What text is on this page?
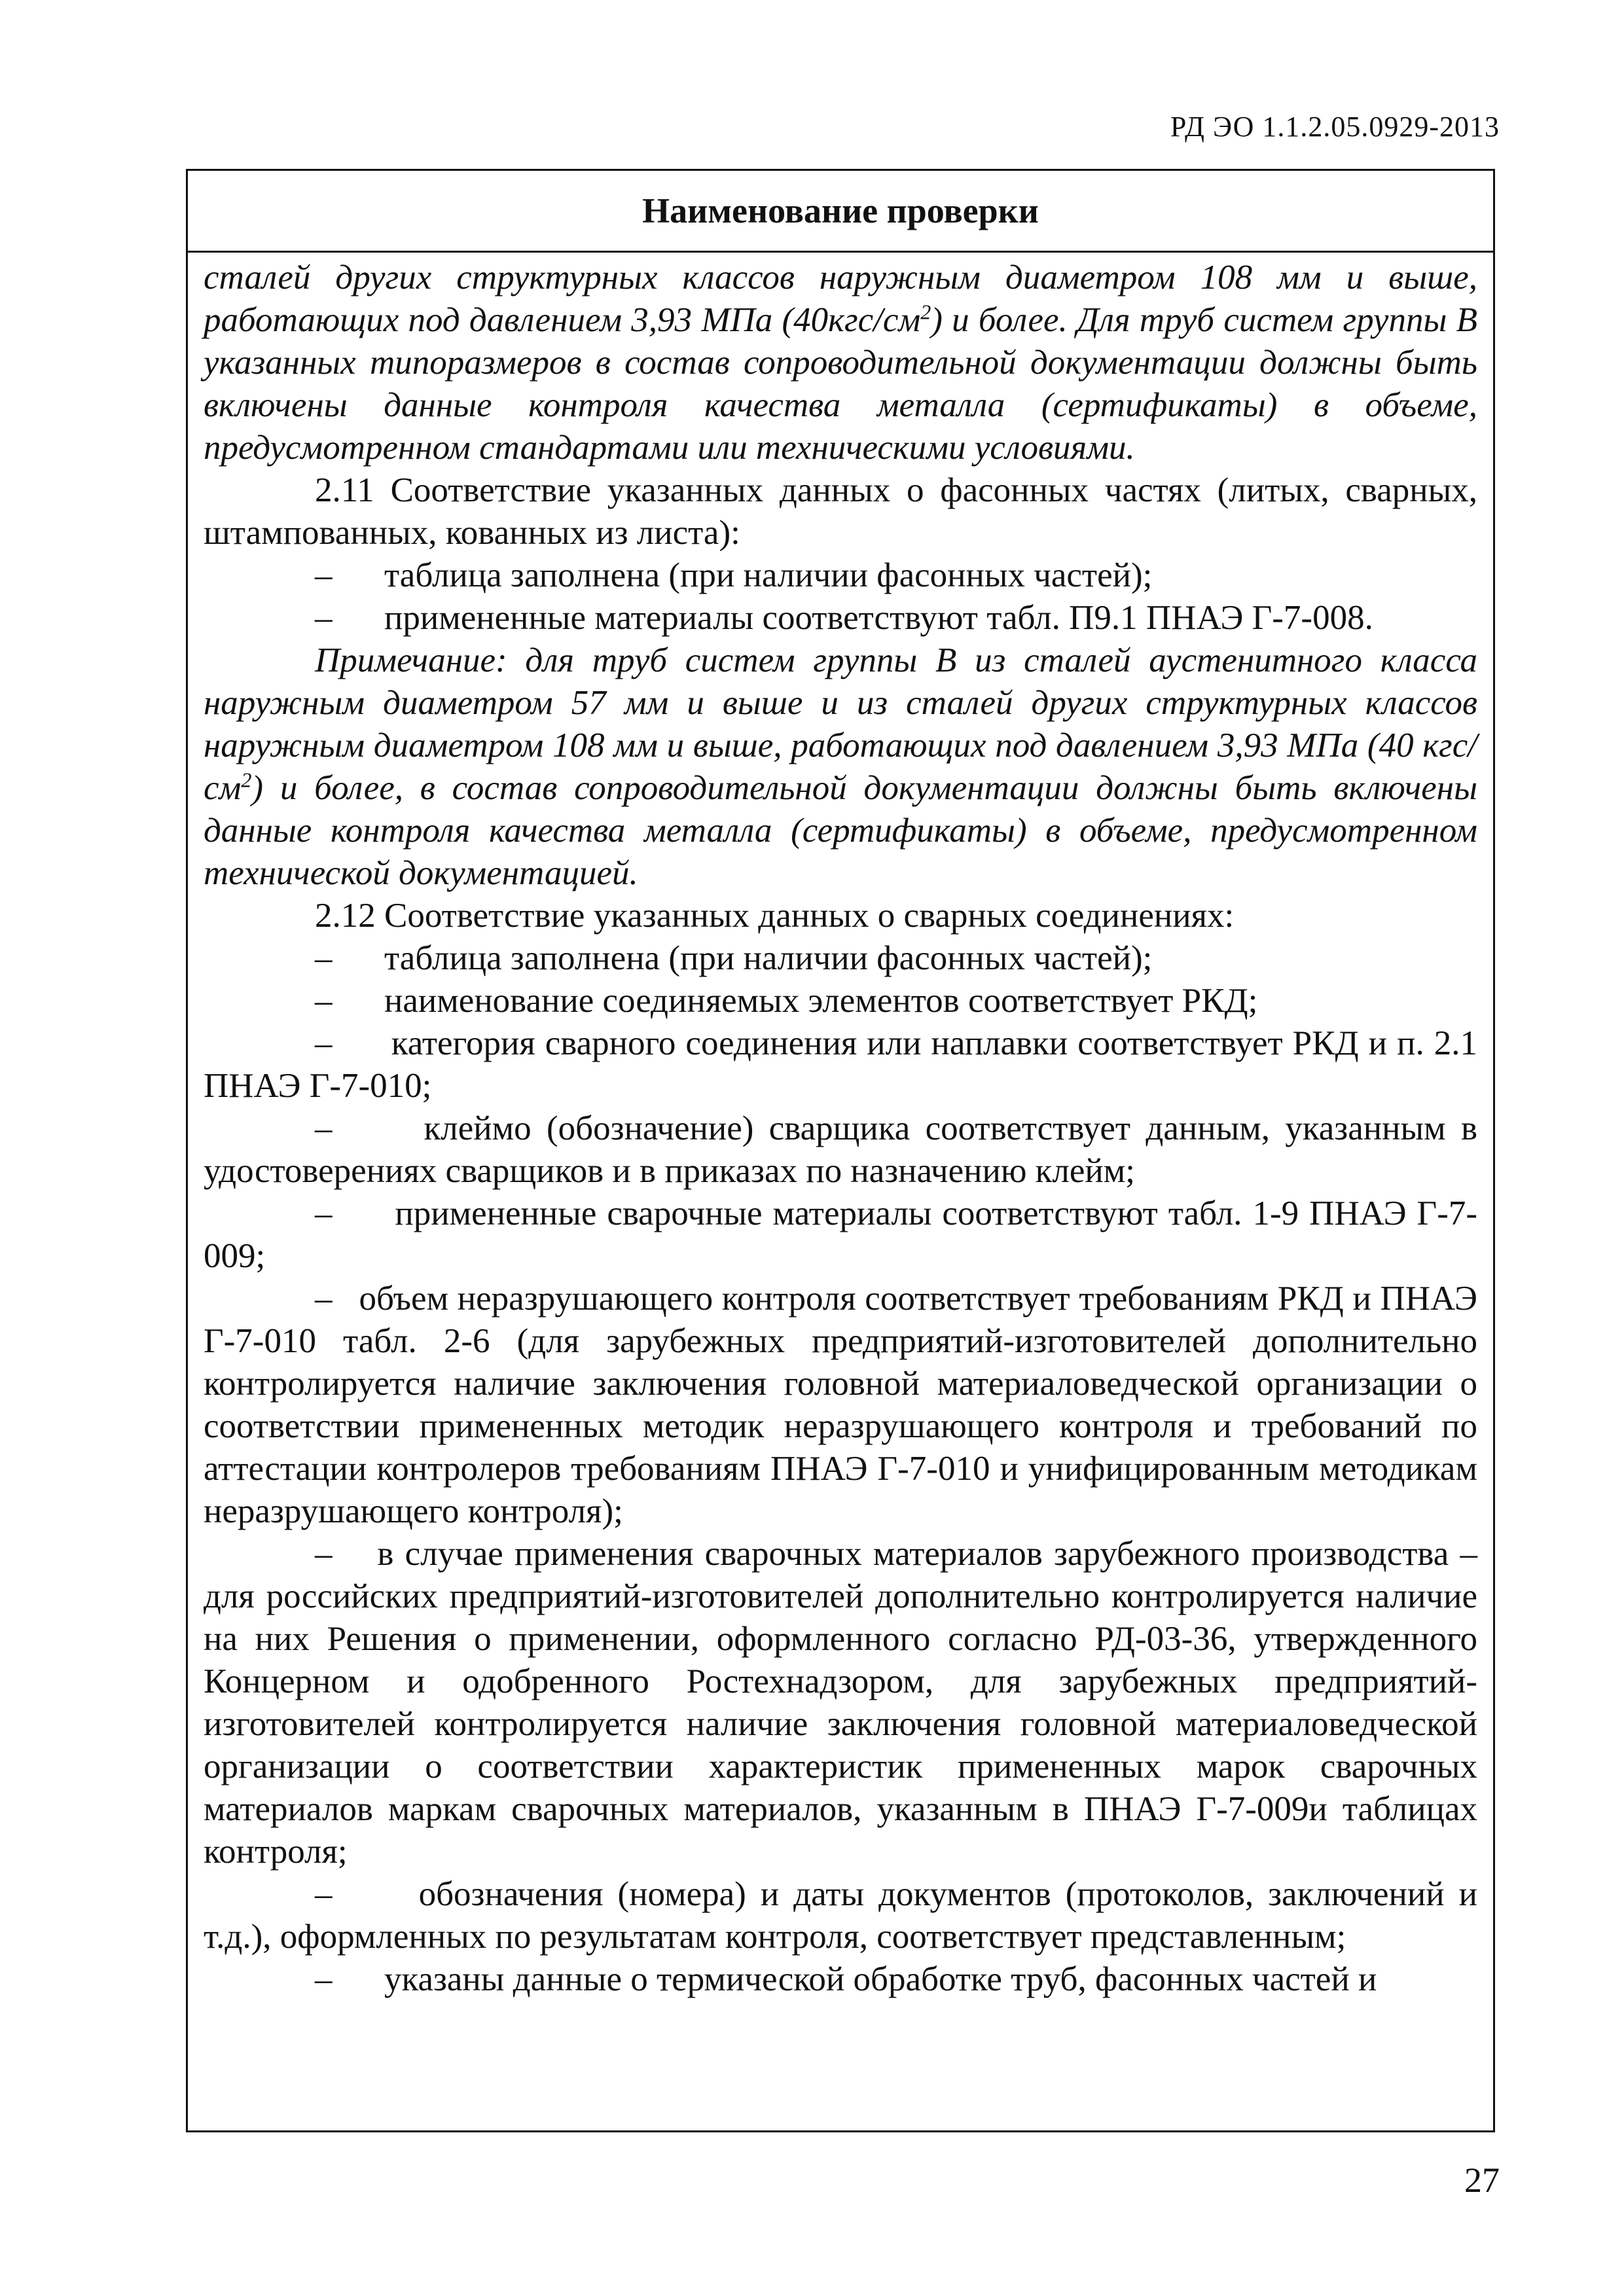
РД ЭО 1.1.2.05.0929-2013
Наименование проверки

сталей других структурных классов наружным диаметром 108 мм и выше, работающих под давлением 3,93 МПа $(40кгс/см^2)$ и более. Для труб систем группы В указанных типоразмеров в состав сопроводительной документации должны быть включены данные контроля качества металла (сертификаты) в объеме, предусмотренном стандартами или техническими условиями.

2.11 Соответствие указанных данных о фасонных частях (литых, сварных, штампованных, кованных из листа):

– таблица заполнена (при наличии фасонных частей);

– примененные материалы соответствуют табл. П9.1 ПНАЭ Г-7-008.

Примечание: для труб систем группы В из сталей аустенитного класса наружным диаметром 57 мм и выше и из сталей других структурных классов наружным диаметром 108 мм и выше, работающих под давлением 3,93 МПа (40 кгс/$см^2$) и более, в состав сопроводительной документации должны быть включены данные контроля качества металла (сертификаты) в объеме, предусмотренном технической документацией.

2.12 Соответствие указанных данных о сварных соединениях:

– таблица заполнена (при наличии фасонных частей);

– наименование соединяемых элементов соответствует РКД;

– категория сварного соединения или наплавки соответствует РКД и п. 2.1 ПНАЭ Г-7-010;

–	клеймо (обозначение) сварщика соответствует данным, указанным в удостоверениях сварщиков и в приказах по назначению клейм;

– примененные сварочные материалы соответствуют табл. 1-9 ПНАЭ Г-7-009;

– объем неразрушающего контроля соответствует требованиям РКД и ПНАЭ Г-7-010 табл. 2-6 (для зарубежных предприятий-изготовителей дополнительно контролируется наличие заключения головной материаловедческой организации о соответствии примененных методик неразрушающего контроля и требований по аттестации контролеров требованиям ПНАЭ Г-7-010 и унифицированным методикам неразрушающего контроля);

– в случае применения сварочных материалов зарубежного производства – для российских предприятий-изготовителей дополнительно контролируется наличие на них Решения о применении, оформленного согласно РД-03-36, утвержденного Концерном и одобренного Ростехнадзором, для зарубежных предприятий-изготовителей контролируется наличие заключения головной материаловедческой организации о соответствии характеристик примененных марок сварочных материалов маркам сварочных материалов, указанным в ПНАЭ Г-7-009и таблицах контроля;

– обозначения (номера) и даты документов (протоколов, заключений и т.д.), оформленных по результатам контроля, соответствует представленным;

– указаны данные о термической обработке труб, фасонных частей и

27
